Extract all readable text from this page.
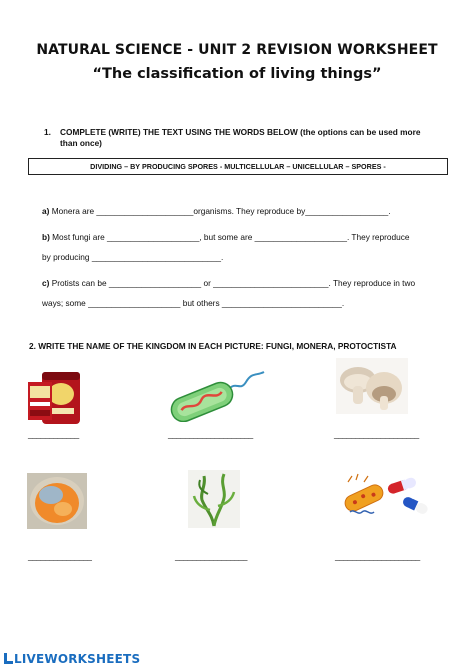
NATURAL SCIENCE - UNIT 2 REVISION WORKSHEET
“The classification of living things”
1. COMPLETE (WRITE) THE TEXT USING THE WORDS BELOW (the options can be used more
than once)
DIVIDING – BY PRODUCING SPORES - MULTICELLULAR – UNICELLULAR – SPORES -
a) Monera are _____________________organisms. They reproduce by__________________.
b) Most fungi are ____________________, but some are ____________________. They reproduce
by producing ____________________________.
c) Protists can be ____________________ or _________________________. They reproduce in two
ways; some ____________________ but others __________________________.
2. WRITE THE NAME OF THE KINGDOM IN EACH PICTURE: FUNGI, MONERA, PROTOCTISTA
____________	____________________	____________________
_______________	_________________	____________________
LIVEWORKSHEETS
